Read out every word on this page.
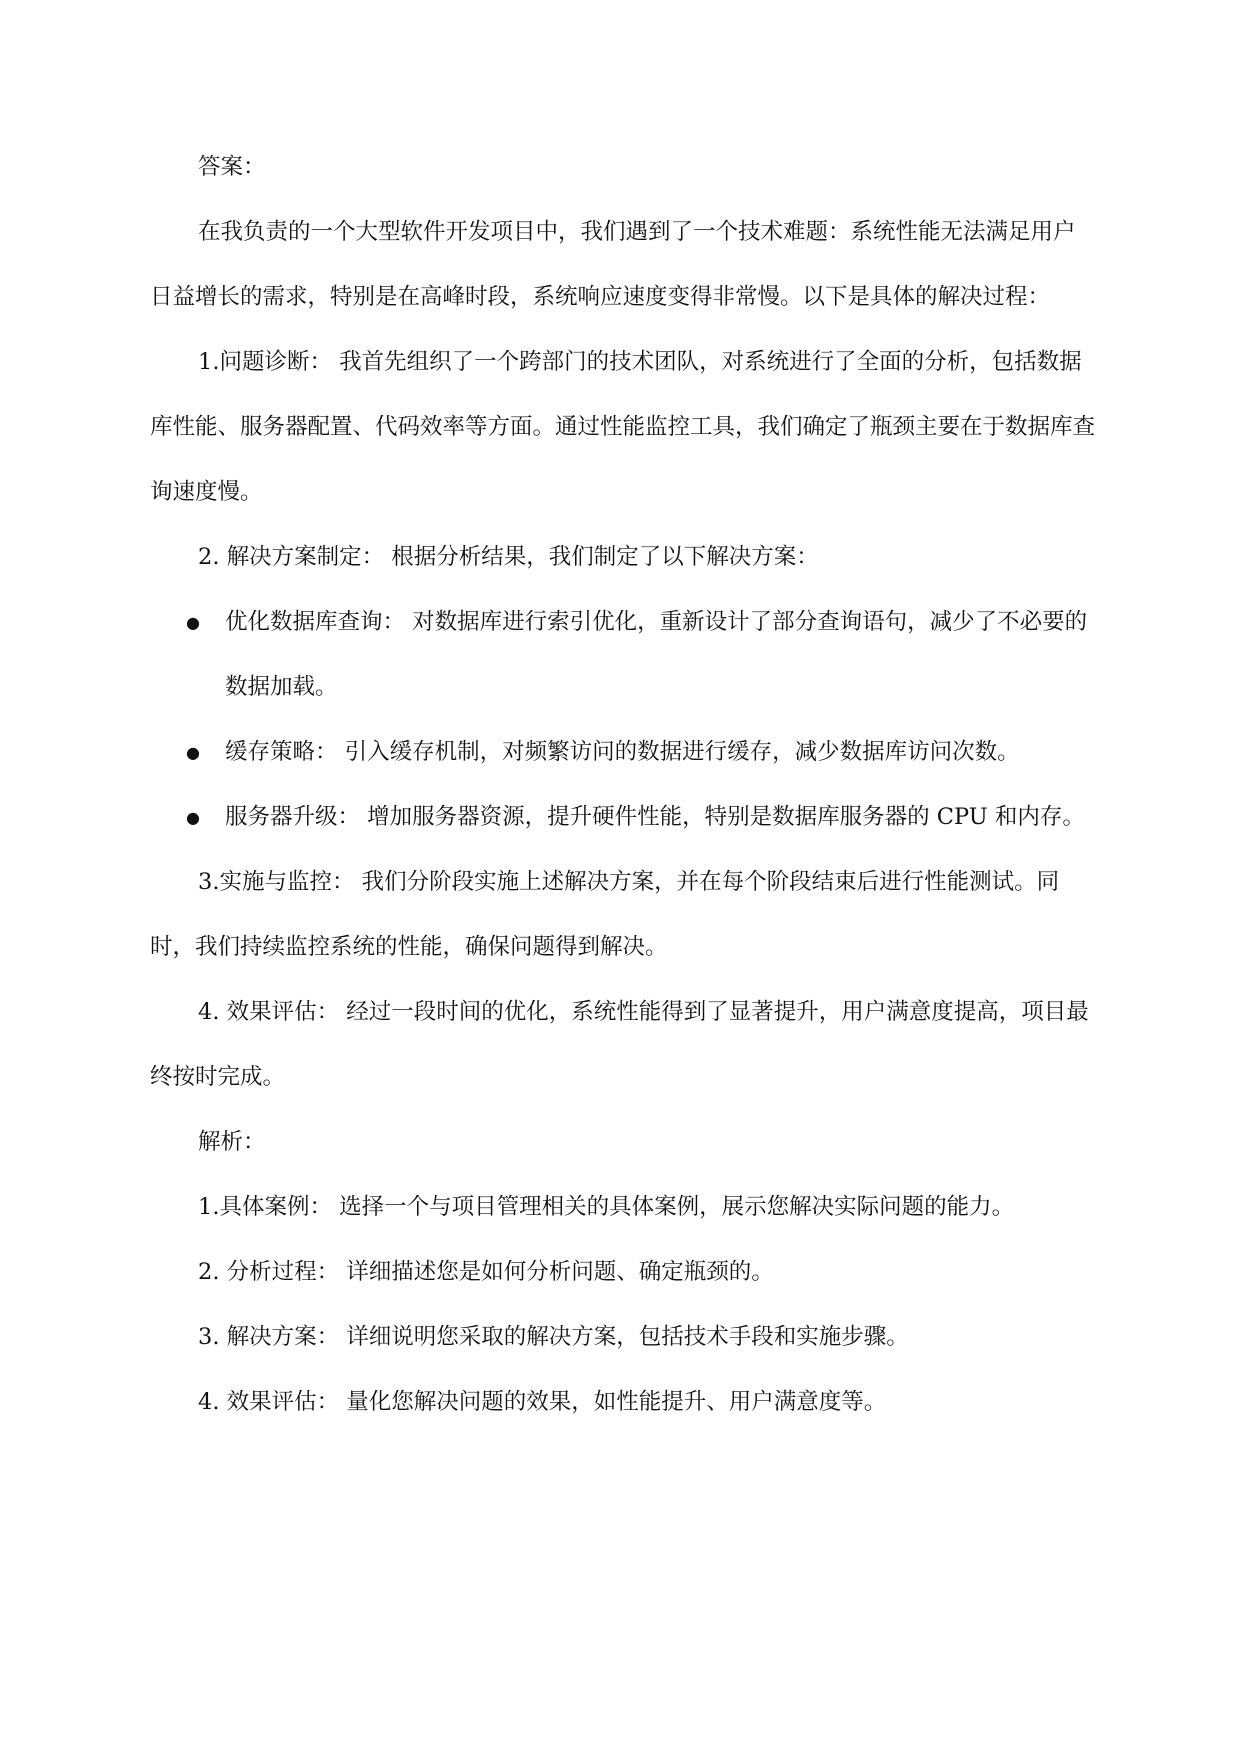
答案：

在我负责的一个大型软件开发项目中，我们遇到了一个技术难题：系统性能无法满足用户日益增长的需求，特别是在高峰时段，系统响应速度变得非常慢。以下是具体的解决过程：

1.问题诊断： 我首先组织了一个跨部门的技术团队，对系统进行了全面的分析，包括数据库性能、服务器配置、代码效率等方面。通过性能监控工具，我们确定了瓶颈主要在于数据库查询速度慢。

2. 解决方案制定： 根据分析结果，我们制定了以下解决方案：

● 优化数据库查询： 对数据库进行索引优化，重新设计了部分查询语句，减少了不必要的数据加载。
● 缓存策略： 引入缓存机制，对频繁访问的数据进行缓存，减少数据库访问次数。
● 服务器升级： 增加服务器资源，提升硬件性能，特别是数据库服务器的 CPU 和内存。

3.实施与监控： 我们分阶段实施上述解决方案，并在每个阶段结束后进行性能测试。同时，我们持续监控系统的性能，确保问题得到解决。

4. 效果评估： 经过一段时间的优化，系统性能得到了显著提升，用户满意度提高，项目最终按时完成。

解析：

1.具体案例： 选择一个与项目管理相关的具体案例，展示您解决实际问题的能力。

2. 分析过程： 详细描述您是如何分析问题、确定瓶颈的。

3. 解决方案： 详细说明您采取的解决方案，包括技术手段和实施步骤。

4. 效果评估： 量化您解决问题的效果，如性能提升、用户满意度等。
